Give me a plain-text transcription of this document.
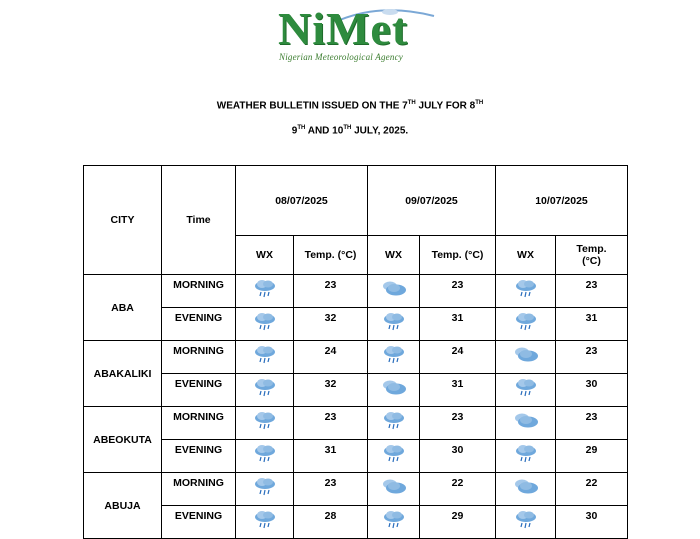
NiMet
Nigerian Meteorological Agency
WEATHER BULLETIN ISSUED ON THE 7TH JULY FOR 8TH
9TH AND 10TH JULY, 2025.
CITY	Time	08/07/2025		09/07/2025		10/07/2025	
		WX	Temp. (°C)	WX	Temp. (°C)	WX	Temp.
(°C)
ABA	MORNING		23		23		23
	EVENING		32		31		31
ABAKALIKI	MORNING		24		24		23
	EVENING		32		31		30
ABEOKUTA	MORNING		23		23		23
	EVENING		31		30		29
ABUJA	MORNING		23		22		22
	EVENING		28		29		30
